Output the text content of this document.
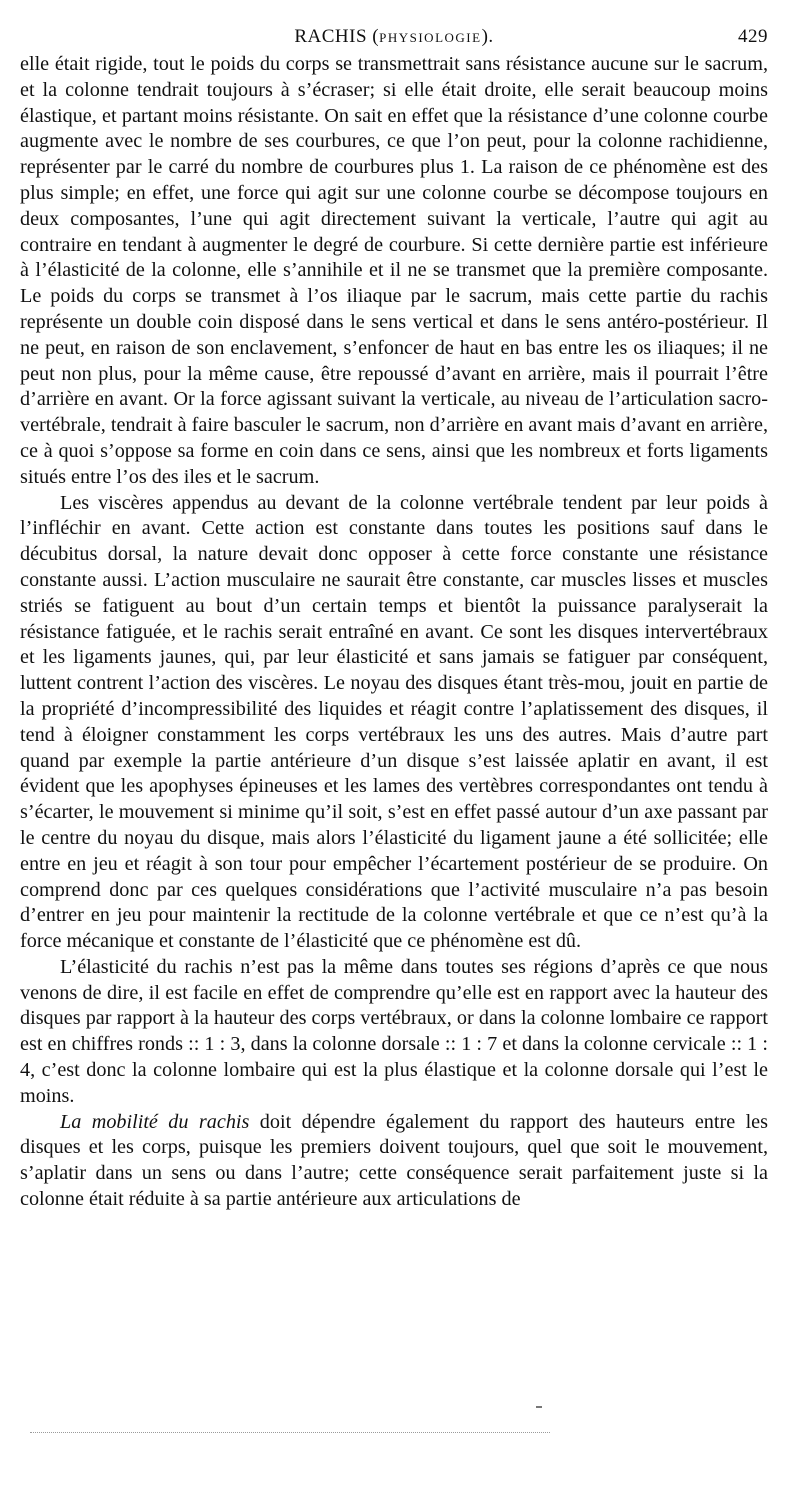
RACHIS (PHYSIOLOGIE).	429

elle était rigide, tout le poids du corps se transmettrait sans résistance aucune sur le sacrum, et la colonne tendrait toujours à s’écraser; si elle était droite, elle serait beaucoup moins élastique, et partant moins résistante. On sait en effet que la résistance d’une colonne courbe augmente avec le nombre de ses courbures, ce que l’on peut, pour la colonne rachidienne, représenter par le carré du nombre de courbures plus 1. La raison de ce phénomène est des plus simple; en effet, une force qui agit sur une colonne courbe se décompose toujours en deux composantes, l’une qui agit directement suivant la verticale, l’autre qui agit au contraire en tendant à augmenter le degré de courbure. Si cette dernière partie est inférieure à l’élasticité de la colonne, elle s’annihile et il ne se transmet que la première composante. Le poids du corps se transmet à l’os iliaque par le sacrum, mais cette partie du rachis représente un double coin disposé dans le sens vertical et dans le sens antéro-postérieur. Il ne peut, en raison de son enclavement, s’enfoncer de haut en bas entre les os iliaques; il ne peut non plus, pour la même cause, être repoussé d’avant en arrière, mais il pourrait l’être d’arrière en avant. Or la force agissant suivant la verticale, au niveau de l’articulation sacro-vertébrale, tendrait à faire basculer le sacrum, non d’arrière en avant mais d’avant en arrière, ce à quoi s’oppose sa forme en coin dans ce sens, ainsi que les nombreux et forts ligaments situés entre l’os des iles et le sacrum.

Les viscères appendus au devant de la colonne vertébrale tendent par leur poids à l’infléchir en avant. Cette action est constante dans toutes les positions sauf dans le décubitus dorsal, la nature devait donc opposer à cette force constante une résistance constante aussi. L’action musculaire ne saurait être constante, car muscles lisses et muscles striés se fatiguent au bout d’un certain temps et bientôt la puissance paralyserait la résistance fatiguée, et le rachis serait entraîné en avant. Ce sont les disques intervertébraux et les ligaments jaunes, qui, par leur élasticité et sans jamais se fatiguer par conséquent, luttent contrent l’action des viscères. Le noyau des disques étant très-mou, jouit en partie de la propriété d’incompressibilité des liquides et réagit contre l’aplatissement des disques, il tend à éloigner constamment les corps vertébraux les uns des autres. Mais d’autre part quand par exemple la partie antérieure d’un disque s’est laissée aplatir en avant, il est évident que les apophyses épineuses et les lames des vertèbres correspondantes ont tendu à s’écarter, le mouvement si minime qu’il soit, s’est en effet passé autour d’un axe passant par le centre du noyau du disque, mais alors l’élasticité du ligament jaune a été sollicitée; elle entre en jeu et réagit à son tour pour empêcher l’écartement postérieur de se produire. On comprend donc par ces quelques considérations que l’activité musculaire n’a pas besoin d’entrer en jeu pour maintenir la rectitude de la colonne vertébrale et que ce n’est qu’à la force mécanique et constante de l’élasticité que ce phénomène est dû.

L’élasticité du rachis n’est pas la même dans toutes ses régions d’après ce que nous venons de dire, il est facile en effet de comprendre qu’elle est en rapport avec la hauteur des disques par rapport à la hauteur des corps vertébraux, or dans la colonne lombaire ce rapport est en chiffres ronds :: 1 : 3, dans la colonne dorsale :: 1 : 7 et dans la colonne cervicale :: 1 : 4, c’est donc la colonne lombaire qui est la plus élastique et la colonne dorsale qui l’est le moins.

La mobilité du rachis doit dépendre également du rapport des hauteurs entre les disques et les corps, puisque les premiers doivent toujours, quel que soit le mouvement, s’aplatir dans un sens ou dans l’autre; cette conséquence serait parfaitement juste si la colonne était réduite à sa partie antérieure aux articulations de
